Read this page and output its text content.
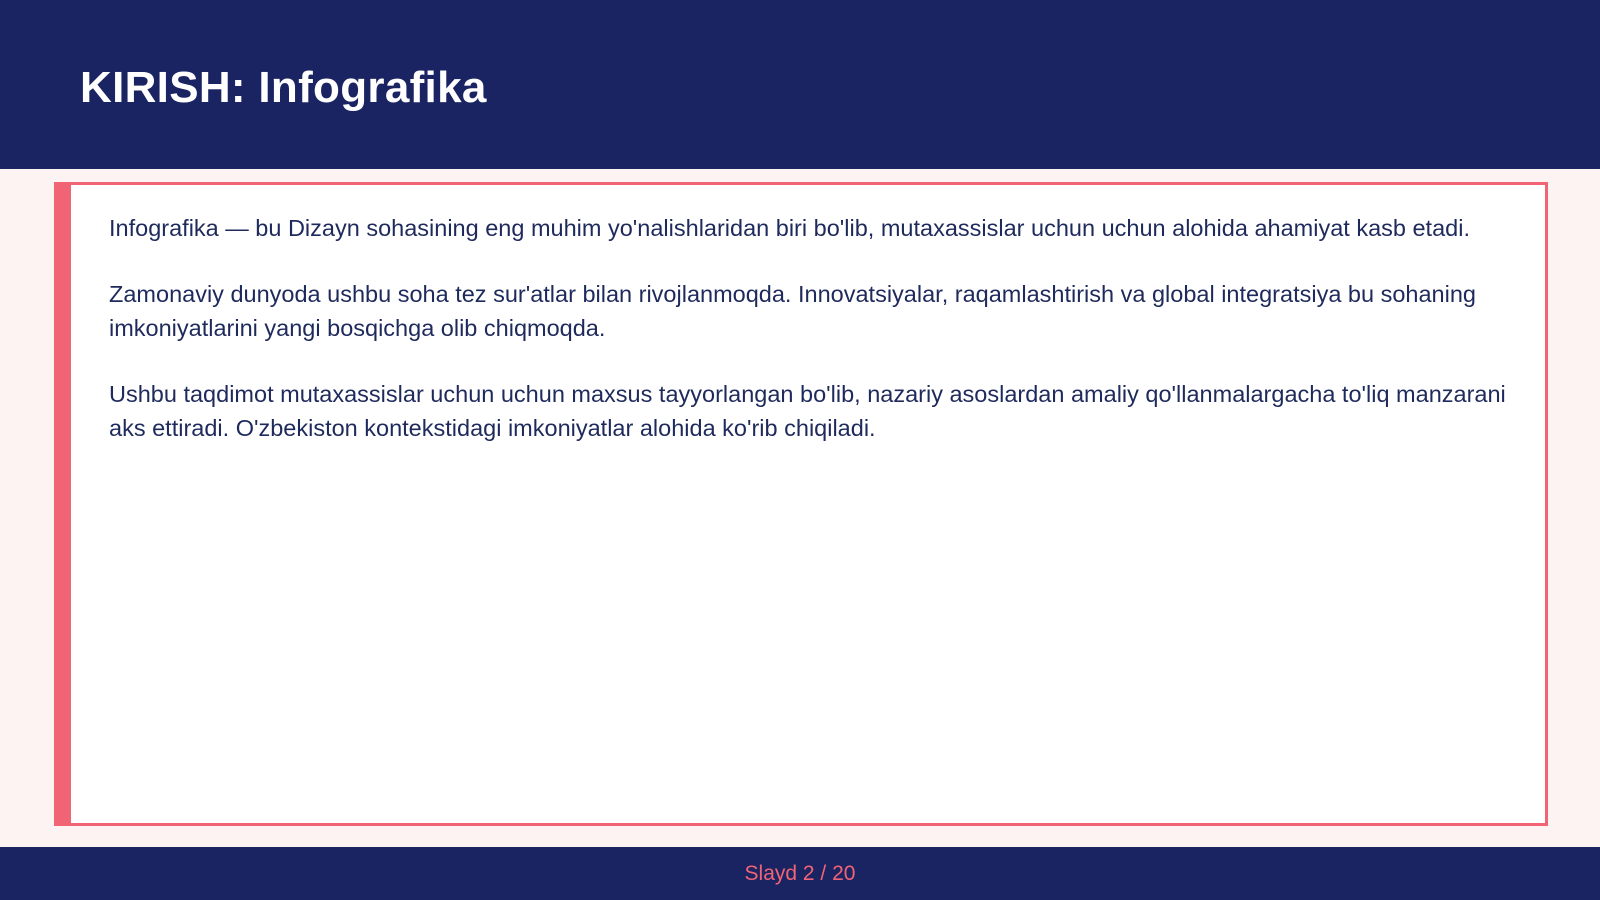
KIRISH: Infografika

Infografika — bu Dizayn sohasining eng muhim yo'nalishlaridan biri bo'lib, mutaxassislar uchun uchun alohida ahamiyat kasb etadi.

Zamonaviy dunyoda ushbu soha tez sur'atlar bilan rivojlanmoqda. Innovatsiyalar, raqamlashtirish va global integratsiya bu sohaning imkoniyatlarini yangi bosqichga olib chiqmoqda.

Ushbu taqdimot mutaxassislar uchun uchun maxsus tayyorlangan bo'lib, nazariy asoslardan amaliy qo'llanmalargacha to'liq manzarani aks ettiradi. O'zbekiston kontekstidagi imkoniyatlar alohida ko'rib chiqiladi.

Slayd 2 / 20
